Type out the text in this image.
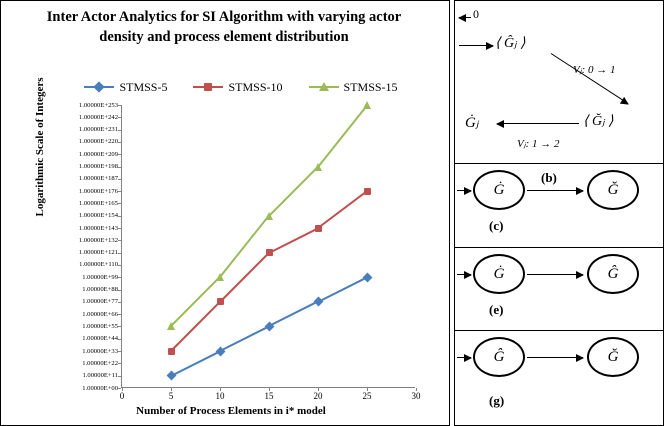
Inter Actor Analytics for SI Algorithm with varying actor density and process element distribution
STMSS-5	STMSS-10	STMSS-15
Logarithmic Scale of Integers
Number of Process Elements in i* model
1.00000E+253
1.00000E+242
1.00000E+231
1.00000E+220
1.00000E+209
1.00000E+198
1.00000E+187
1.00000E+176
1.00000E+165
1.00000E+154
1.00000E+143
1.00000E+132
1.00000E+121
1.00000E+110
1.00000E+99
1.00000E+88
1.00000E+77
1.00000E+66
1.00000E+55
1.00000E+44
1.00000E+33
1.00000E+22
1.00000E+11
1.00000E+00
0	5	10	15	20	25	30
0
⟨ Ĝⱼ ⟩
Vⱼ: 0 → 1
Ġⱼ	⟨ Ğⱼ ⟩
Vⱼ: 1 → 2
Ġ
(b)
Ğ
(c)
Ġ	Ĝ
(e)
Ĝ	Ğ
(g)
